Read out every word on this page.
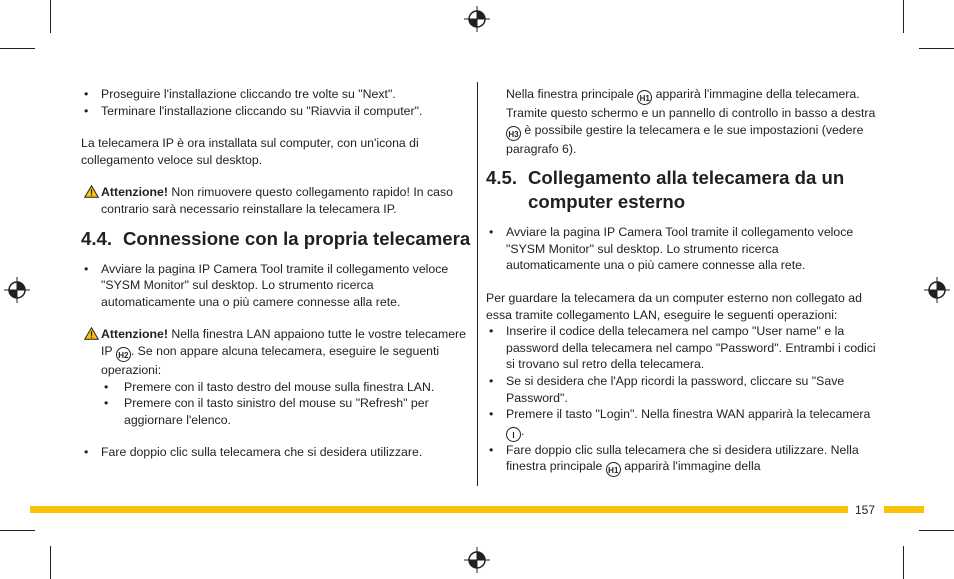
• Proseguire l'installazione cliccando tre volte su "Next".

• Terminare l'installazione cliccando su "Riavvia il computer".

La telecamera IP è ora installata sul computer, con un'icona di collegamento veloce sul desktop.

Attenzione! Non rimuovere questo collegamento rapido! In caso contrario sarà necessario reinstallare la telecamera IP.

4.4. Connessione con la propria telecamera

• Avviare la pagina IP Camera Tool tramite il collegamento veloce "SYSM Monitor" sul desktop. Lo strumento ricerca automaticamente una o più camere connesse alla rete.

Attenzione! Nella finestra LAN appaiono tutte le vostre telecamere IP H2 . Se non appare alcuna telecamera, eseguire le seguenti operazioni:

• Premere con il tasto destro del mouse sulla finestra LAN.

• Premere con il tasto sinistro del mouse su "Refresh" per aggiornare l'elenco.

• Fare doppio clic sulla telecamera che si desidera utilizzare.

Nella finestra principale H1 apparirà l'immagine della telecamera. Tramite questo schermo e un pannello di controllo in basso a destra H3 è possibile gestire la telecamera e le sue impostazioni (vedere paragrafo 6).

4.5. Collegamento alla telecamera da un computer esterno

• Avviare la pagina IP Camera Tool tramite il collegamento veloce "SYSM Monitor" sul desktop. Lo strumento ricerca automaticamente una o più camere connesse alla rete.

Per guardare la telecamera da un computer esterno non collegato ad essa tramite collegamento LAN, eseguire le seguenti operazioni:

• Inserire il codice della telecamera nel campo "User name" e la password della telecamera nel campo "Password". Entrambi i codici si trovano sul retro della telecamera.

• Se si desidera che l'App ricordi la password, cliccare su "Save Password".

• Premere il tasto "Login". Nella finestra WAN apparirà la telecamera I .

• Fare doppio clic sulla telecamera che si desidera utilizzare. Nella finestra principale H1 apparirà l'immagine della

157
